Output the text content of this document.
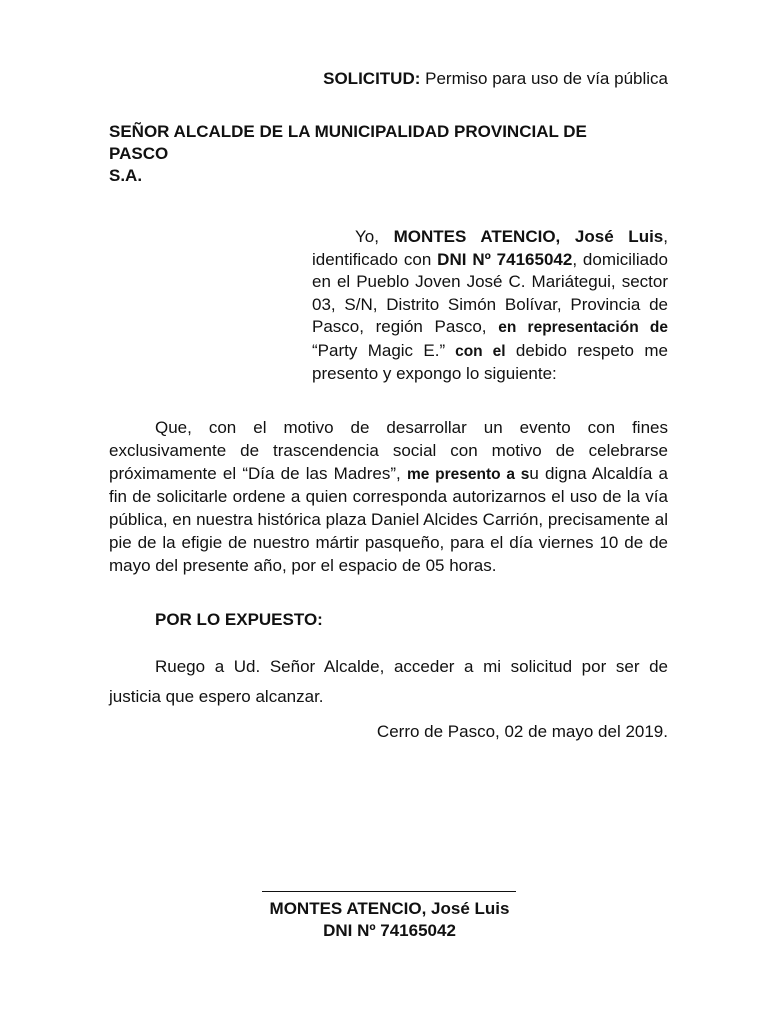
SOLICITUD: Permiso para uso de vía pública
SEÑOR ALCALDE DE LA MUNICIPALIDAD PROVINCIAL DE
PASCO
S.A.
Yo, MONTES ATENCIO, José Luis, identificado con DNI Nº 74165042, domiciliado en el Pueblo Joven José C. Mariátegui, sector 03, S/N, Distrito Simón Bolívar, Provincia de Pasco, región Pasco, en representación de “Party Magic E.” con el debido respeto me presento y expongo lo siguiente:
Que, con el motivo de desarrollar un evento con fines exclusivamente de trascendencia social con motivo de celebrarse próximamente el “Día de las Madres”, me presento a su digna Alcaldía a fin de solicitarle ordene a quien corresponda autorizarnos el uso de la vía pública, en nuestra histórica plaza Daniel Alcides Carrión, precisamente al pie de la efigie de nuestro mártir pasqueño, para el día viernes 10 de de mayo del presente año, por el espacio de 05 horas.
POR LO EXPUESTO:
Ruego a Ud. Señor Alcalde, acceder a mi solicitud por ser de justicia que espero alcanzar.
Cerro de Pasco, 02 de mayo del 2019.
MONTES ATENCIO, José Luis
DNI Nº 74165042
